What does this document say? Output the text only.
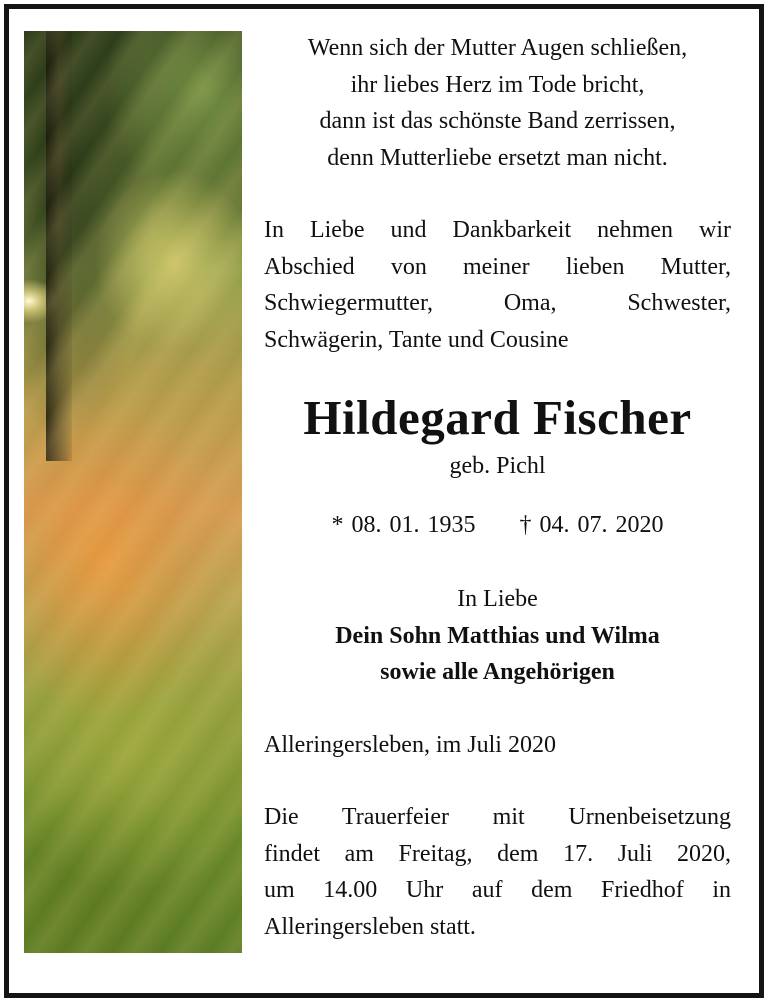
Wenn sich der Mutter Augen schließen,
ihr liebes Herz im Tode bricht,
dann ist das schönste Band zerrissen,
denn Mutterliebe ersetzt man nicht.
In Liebe und Dankbarkeit nehmen wir
Abschied von meiner lieben Mutter,
Schwiegermutter, Oma, Schwester,
Schwägerin, Tante und Cousine
Hildegard Fischer
geb. Pichl
* 08. 01. 1935 † 04. 07. 2020
In Liebe
Dein Sohn Matthias und Wilma
sowie alle Angehörigen
Alleringersleben, im Juli 2020
Die Trauerfeier mit Urnenbeisetzung
findet am Freitag, dem 17. Juli 2020,
um 14.00 Uhr auf dem Friedhof in
Alleringersleben statt.
